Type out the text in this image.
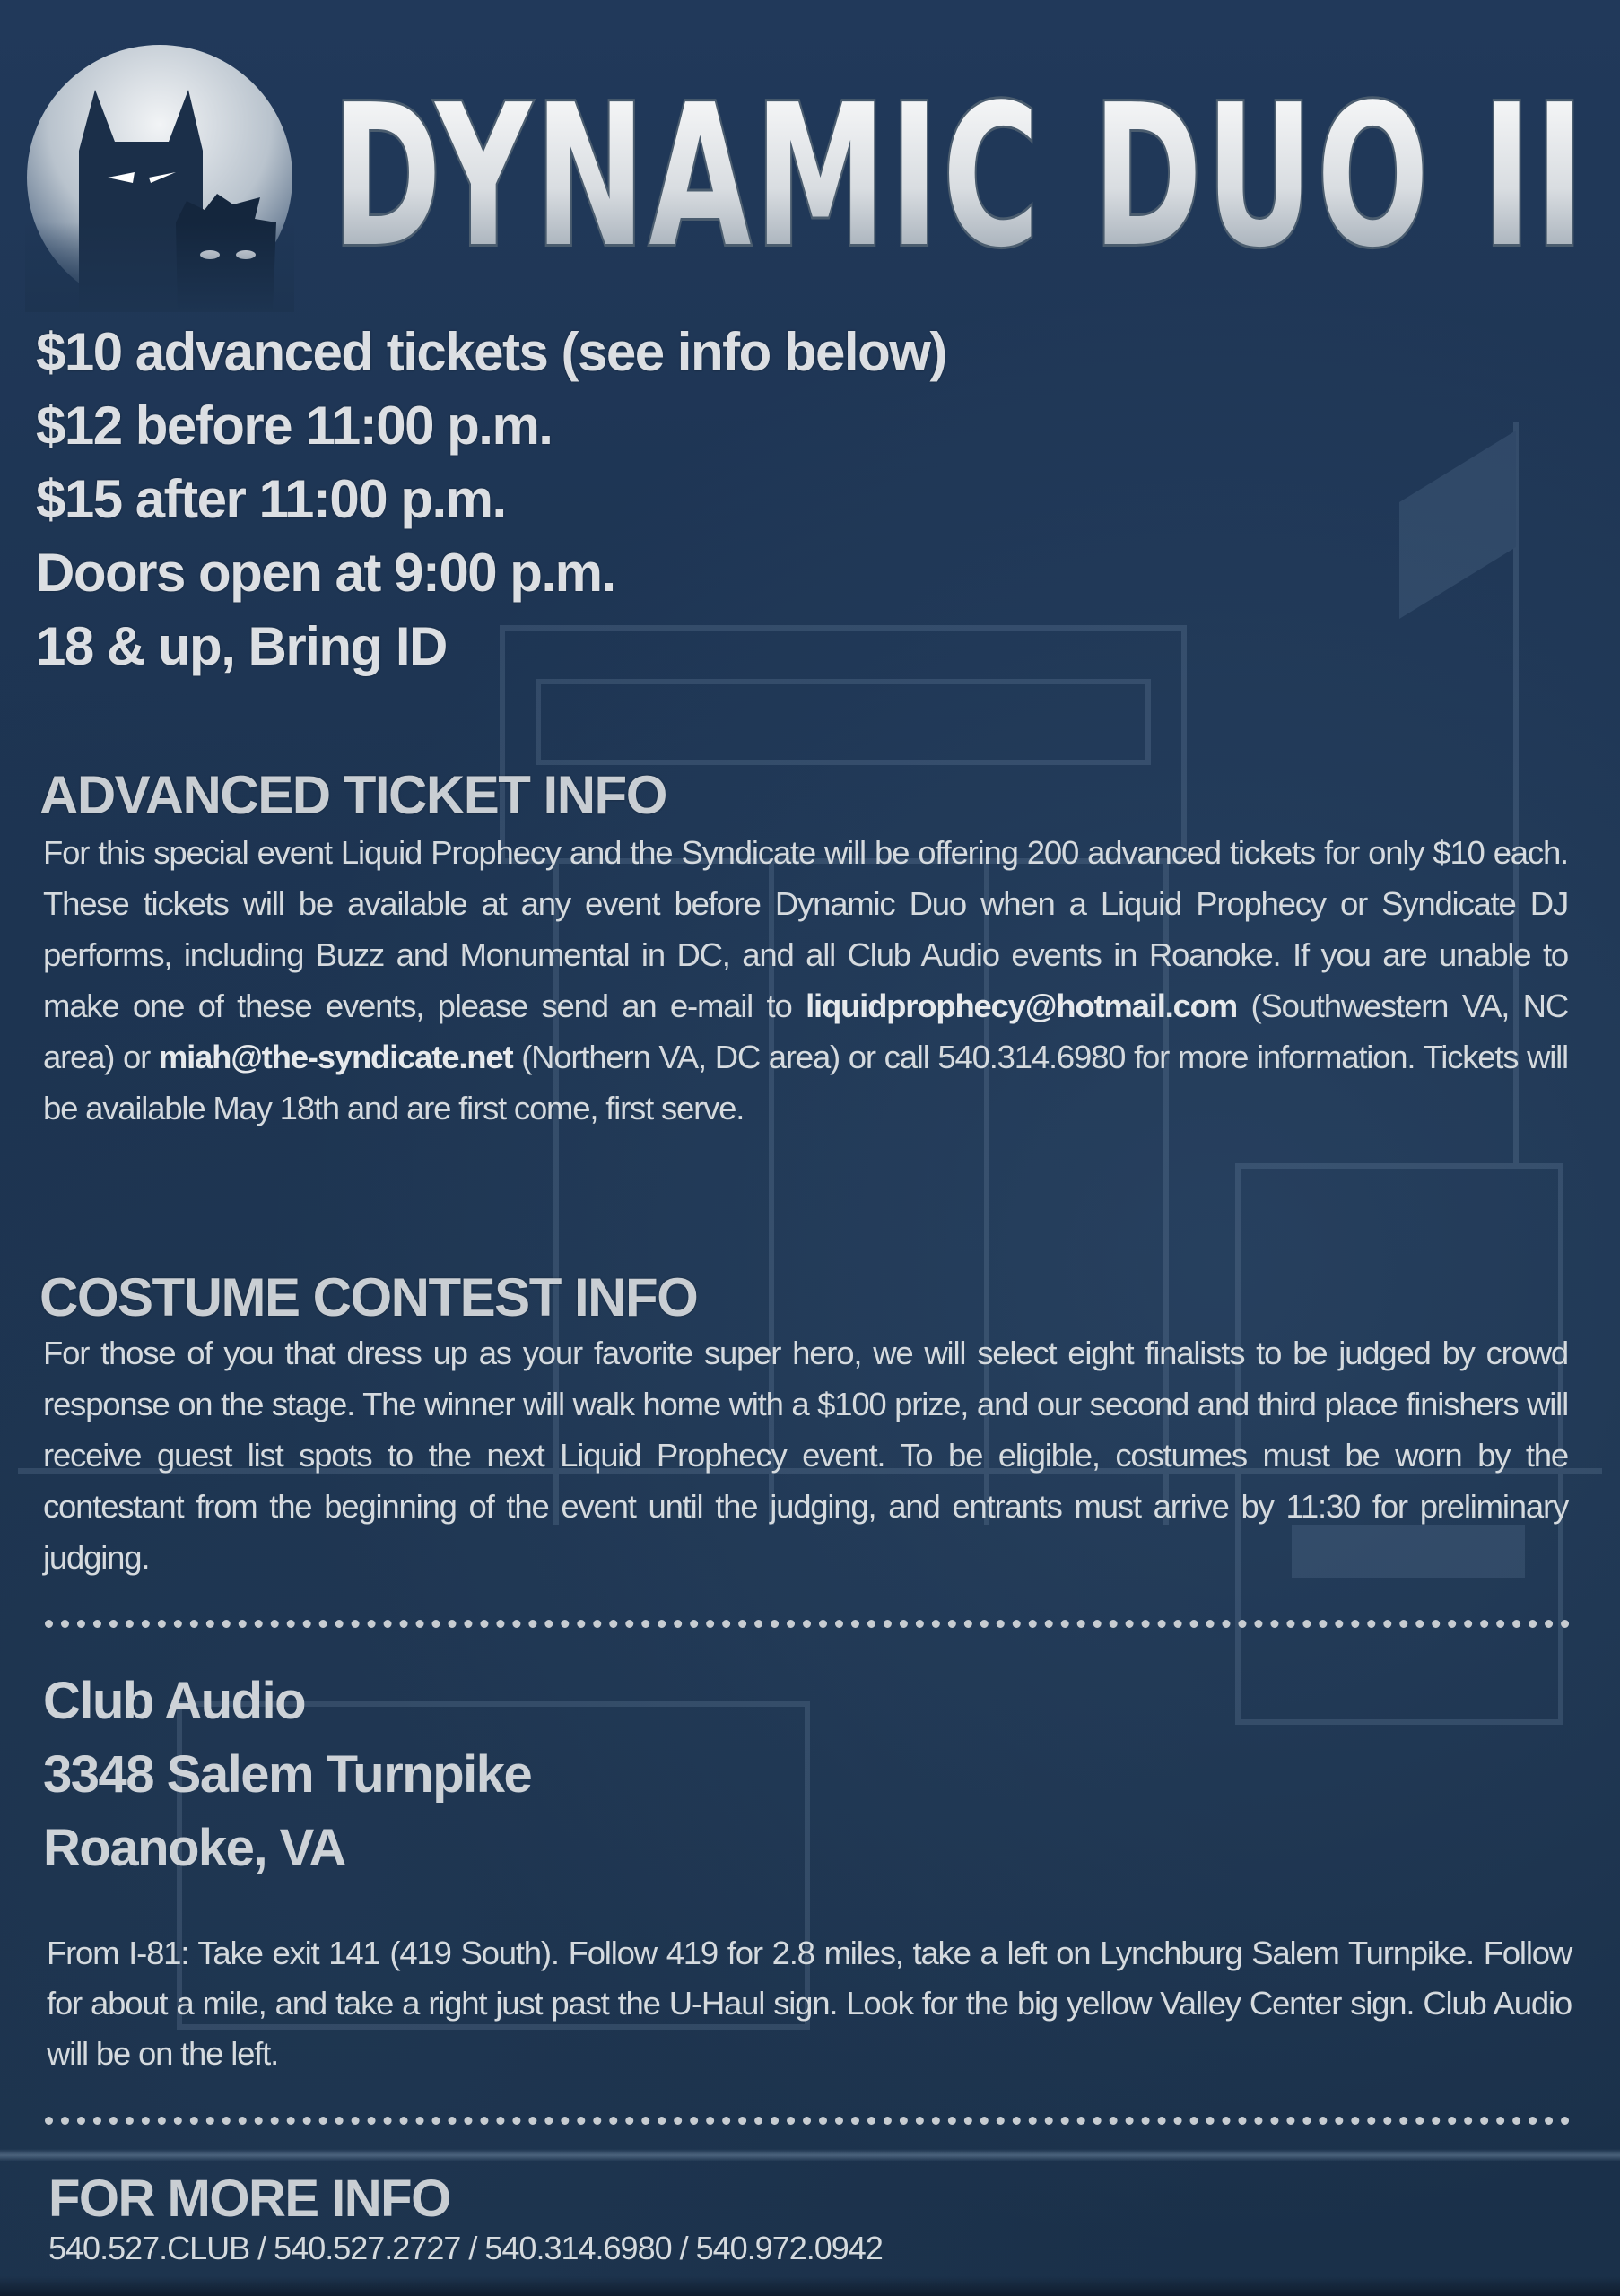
DYNAMIC DUO II
$10 advanced tickets (see info below)
$12 before 11:00 p.m.
$15 after 11:00 p.m.
Doors open at 9:00 p.m.
18 & up, Bring ID
ADVANCED TICKET INFO
For this special event Liquid Prophecy and the Syndicate will be offering 200 advanced tickets for only $10 each. These tickets will be available at any event before Dynamic Duo when a Liquid Prophecy or Syndicate DJ performs, including Buzz and Monumental in DC, and all Club Audio events in Roanoke. If you are unable to make one of these events, please send an e-mail to liquidprophecy@hotmail.com (Southwestern VA, NC area) or miah@the-syndicate.net (Northern VA, DC area) or call 540.314.6980 for more information. Tickets will be available May 18th and are first come, first serve.
COSTUME CONTEST INFO
For those of you that dress up as your favorite super hero, we will select eight finalists to be judged by crowd response on the stage. The winner will walk home with a $100 prize, and our second and third place finishers will receive guest list spots to the next Liquid Prophecy event. To be eligible, costumes must be worn by the contestant from the beginning of the event until the judging, and entrants must arrive by 11:30 for preliminary judging.
Club Audio
3348 Salem Turnpike
Roanoke, VA
From I-81: Take exit 141 (419 South). Follow 419 for 2.8 miles, take a left on Lynchburg Salem Turnpike. Follow for about a mile, and take a right just past the U-Haul sign. Look for the big yellow Valley Center sign. Club Audio will be on the left.
FOR MORE INFO
540.527.CLUB / 540.527.2727 / 540.314.6980 / 540.972.0942
